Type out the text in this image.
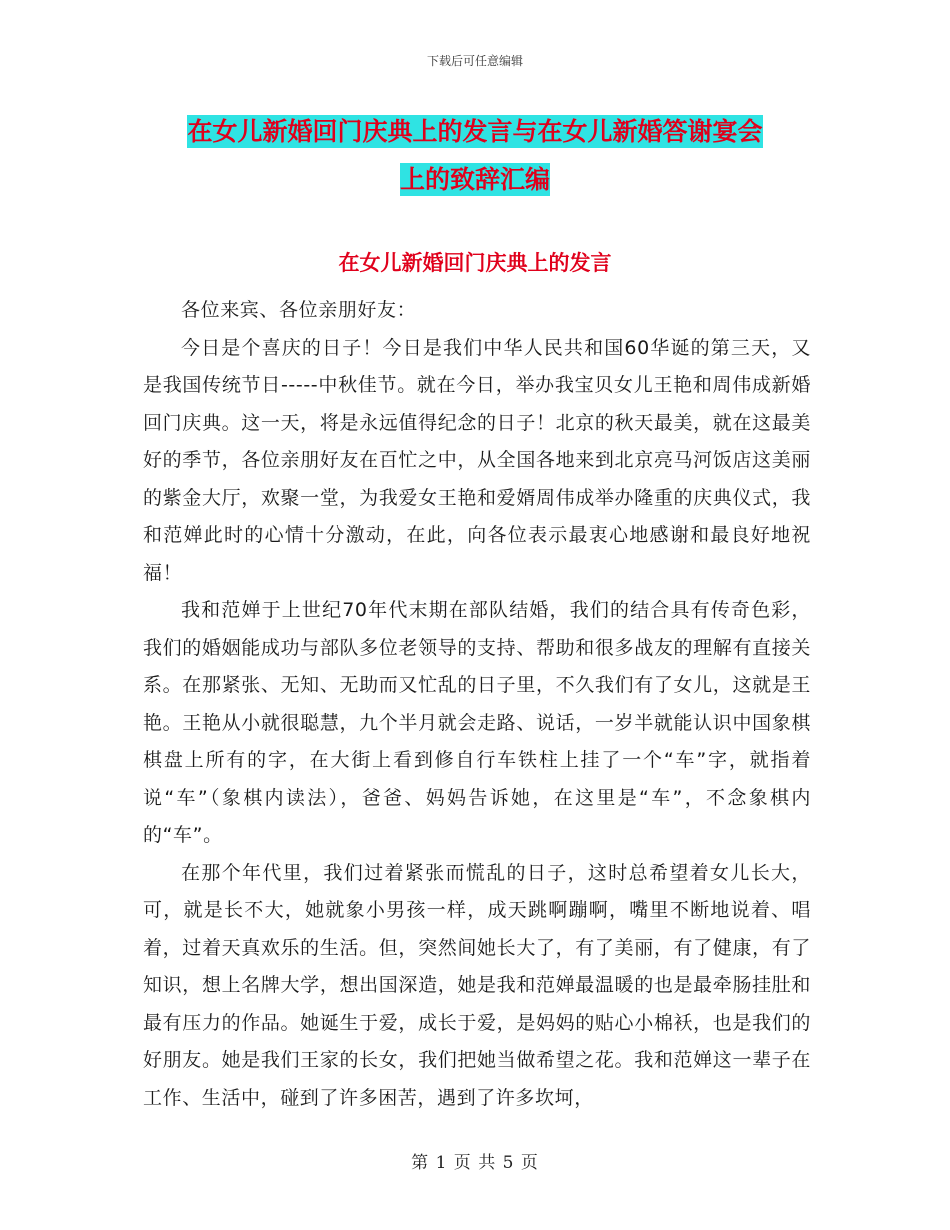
下载后可任意编辑
在女儿新婚回门庆典上的发言与在女儿新婚答谢宴会
上的致辞汇编
在女儿新婚回门庆典上的发言

各位来宾、各位亲朋好友：

今日是个喜庆的日子！今日是我们中华人民共和国60华诞的第三天，又是我国传统节日-----中秋佳节。就在今日，举办我宝贝女儿王艳和周伟成新婚回门庆典。这一天，将是永远值得纪念的日子！北京的秋天最美，就在这最美好的季节，各位亲朋好友在百忙之中，从全国各地来到北京亮马河饭店这美丽的紫金大厅，欢聚一堂，为我爱女王艳和爱婿周伟成举办隆重的庆典仪式，我和范婵此时的心情十分激动，在此，向各位表示最衷心地感谢和最良好地祝福！

我和范婵于上世纪70年代末期在部队结婚，我们的结合具有传奇色彩，我们的婚姻能成功与部队多位老领导的支持、帮助和很多战友的理解有直接关系。在那紧张、无知、无助而又忙乱的日子里，不久我们有了女儿，这就是王艳。王艳从小就很聪慧，九个半月就会走路、说话，一岁半就能认识中国象棋棋盘上所有的字，在大街上看到修自行车铁柱上挂了一个“车”字，就指着说“车”（象棋内读法），爸爸、妈妈告诉她，在这里是“车”，不念象棋内的“车”。

在那个年代里，我们过着紧张而慌乱的日子，这时总希望着女儿长大，可，就是长不大，她就象小男孩一样，成天跳啊蹦啊，嘴里不断地说着、唱着，过着天真欢乐的生活。但，突然间她长大了，有了美丽，有了健康，有了知识，想上名牌大学，想出国深造，她是我和范婵最温暖的也是最牵肠挂肚和最有压力的作品。她诞生于爱，成长于爱，是妈妈的贴心小棉袄，也是我们的好朋友。她是我们王家的长女，我们把她当做希望之花。我和范婵这一辈子在工作、生活中，碰到了许多困苦，遇到了许多坎坷，

第 1 页 共 5 页
